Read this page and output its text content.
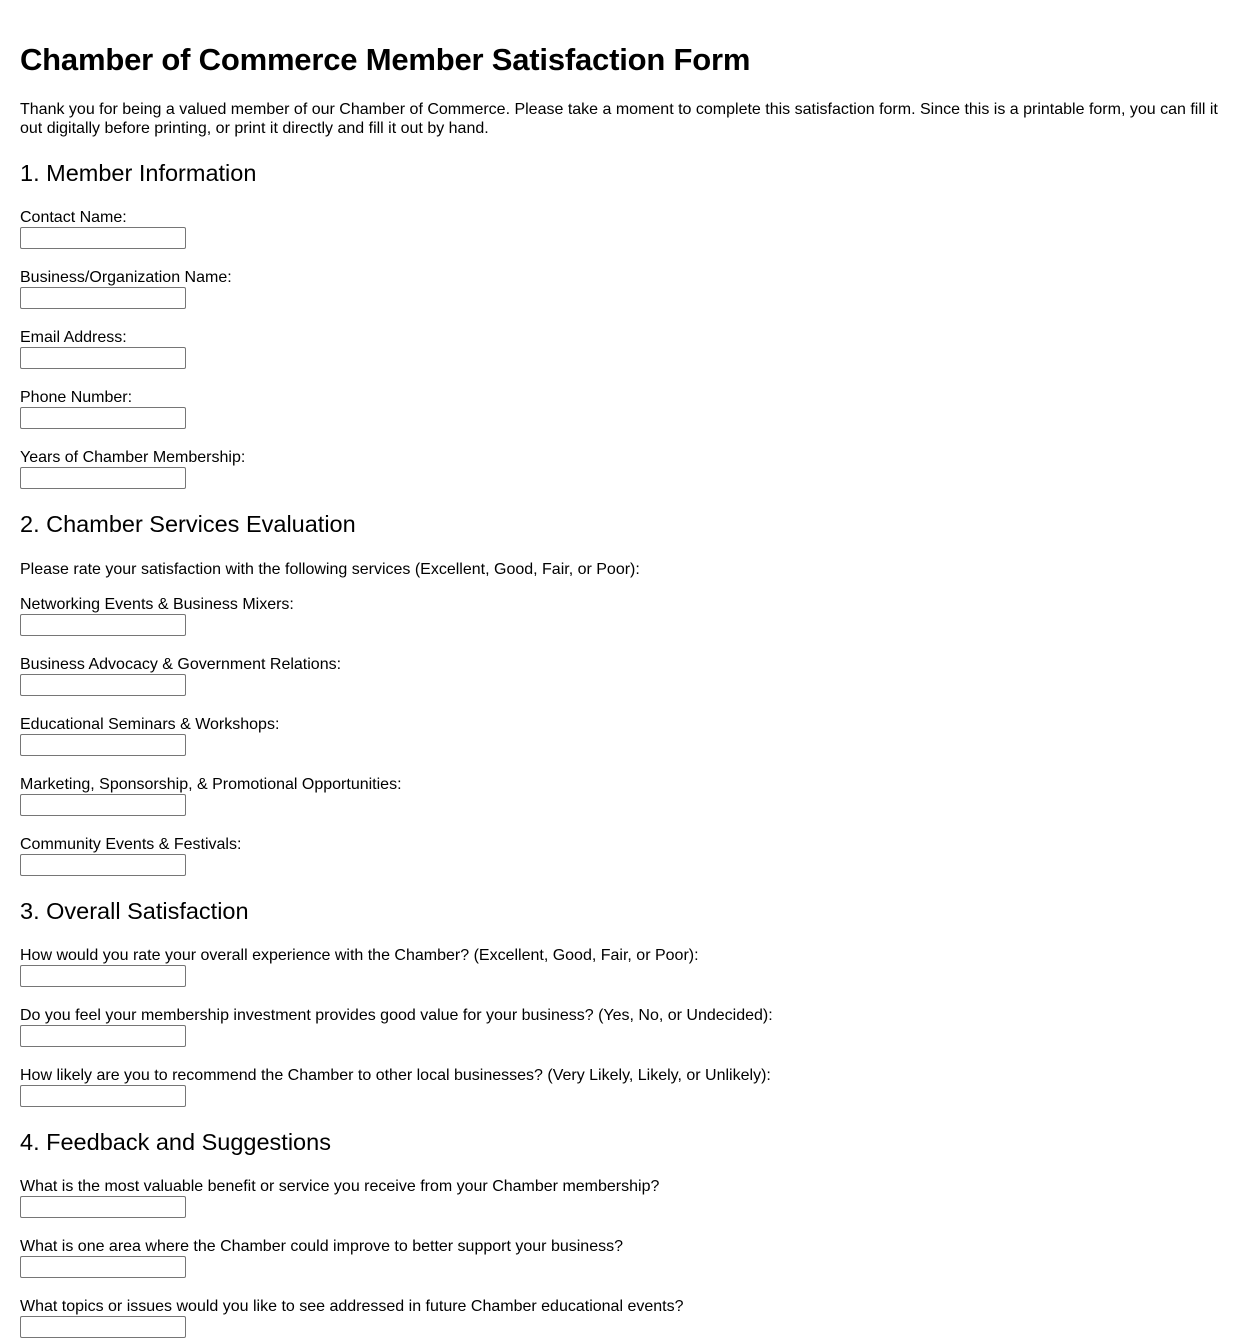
Chamber of Commerce Member Satisfaction Form

Thank you for being a valued member of our Chamber of Commerce. Please take a moment to complete this satisfaction form. Since this is a printable form, you can fill it out digitally before printing, or print it directly and fill it out by hand.

1. Member Information
Contact Name:
Business/Organization Name:
Email Address:
Phone Number:
Years of Chamber Membership:
2. Chamber Services Evaluation

Please rate your satisfaction with the following services (Excellent, Good, Fair, or Poor):

Networking Events & Business Mixers:
Business Advocacy & Government Relations:
Educational Seminars & Workshops:
Marketing, Sponsorship, & Promotional Opportunities:
Community Events & Festivals:
3. Overall Satisfaction
How would you rate your overall experience with the Chamber? (Excellent, Good, Fair, or Poor):
Do you feel your membership investment provides good value for your business? (Yes, No, or Undecided):
How likely are you to recommend the Chamber to other local businesses? (Very Likely, Likely, or Unlikely):
4. Feedback and Suggestions
What is the most valuable benefit or service you receive from your Chamber membership?
What is one area where the Chamber could improve to better support your business?
What topics or issues would you like to see addressed in future Chamber educational events?
